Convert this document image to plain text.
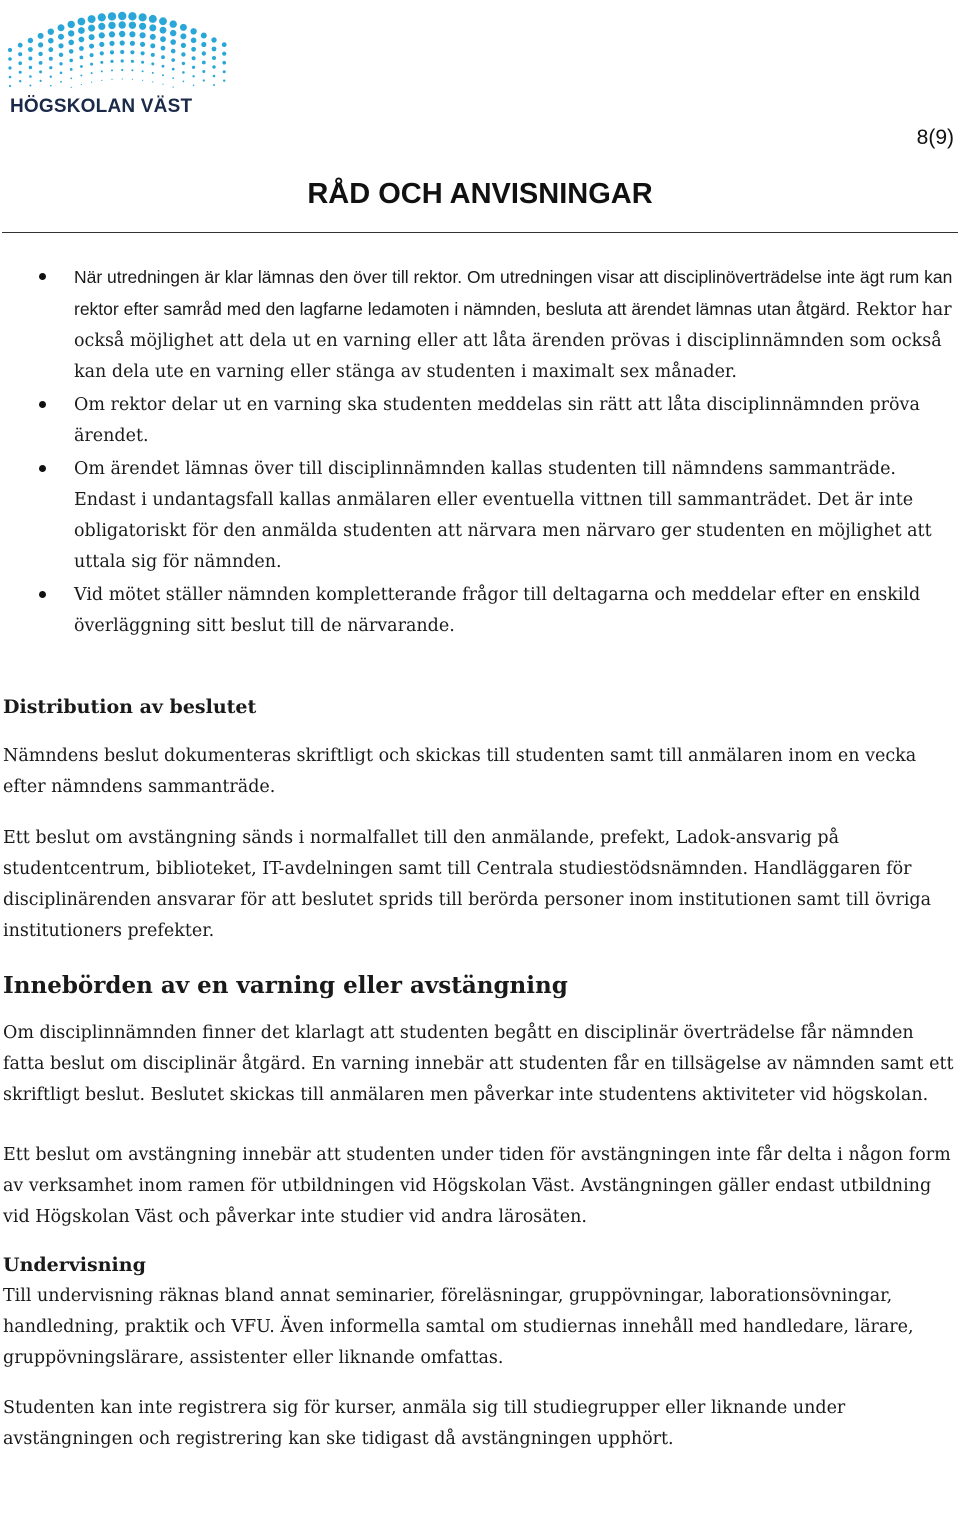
HÖGSKOLAN VÄST
8(9)
RÅD OCH ANVISNINGAR
När utredningen är klar lämnas den över till rektor. Om utredningen visar att disciplinöverträdelse inte ägt rum kan rektor efter samråd med den lagfarne ledamoten i nämnden, besluta att ärendet lämnas utan åtgärd. Rektor har också möjlighet att dela ut en varning eller att låta ärenden prövas i disciplinnämnden som också kan dela ute en varning eller stänga av studenten i maximalt sex månader.
Om rektor delar ut en varning ska studenten meddelas sin rätt att låta disciplinnämnden pröva ärendet.
Om ärendet lämnas över till disciplinnämnden kallas studenten till nämndens sammanträde. Endast i undantagsfall kallas anmälaren eller eventuella vittnen till sammanträdet. Det är inte obligatoriskt för den anmälda studenten att närvara men närvaro ger studenten en möjlighet att uttala sig för nämnden.
Vid mötet ställer nämnden kompletterande frågor till deltagarna och meddelar efter en enskild överläggning sitt beslut till de närvarande.
Distribution av beslutet

Nämndens beslut dokumenteras skriftligt och skickas till studenten samt till anmälaren inom en vecka efter nämndens sammanträde.

Ett beslut om avstängning sänds i normalfallet till den anmälande, prefekt, Ladok-ansvarig på studentcentrum, biblioteket, IT-avdelningen samt till Centrala studiestödsnämnden. Handläggaren för disciplinärenden ansvarar för att beslutet sprids till berörda personer inom institutionen samt till övriga institutioners prefekter.

Innebörden av en varning eller avstängning

Om disciplinnämnden finner det klarlagt att studenten begått en disciplinär överträdelse får nämnden fatta beslut om disciplinär åtgärd. En varning innebär att studenten får en tillsägelse av nämnden samt ett skriftligt beslut. Beslutet skickas till anmälaren men påverkar inte studentens aktiviteter vid högskolan.

Ett beslut om avstängning innebär att studenten under tiden för avstängningen inte får delta i någon form av verksamhet inom ramen för utbildningen vid Högskolan Väst. Avstängningen gäller endast utbildning vid Högskolan Väst och påverkar inte studier vid andra lärosäten.

Undervisning

Till undervisning räknas bland annat seminarier, föreläsningar, gruppövningar, laborationsövningar, handledning, praktik och VFU. Även informella samtal om studiernas innehåll med handledare, lärare, gruppövningslärare, assistenter eller liknande omfattas.

Studenten kan inte registrera sig för kurser, anmäla sig till studiegrupper eller liknande under avstängningen och registrering kan ske tidigast då avstängningen upphört.
